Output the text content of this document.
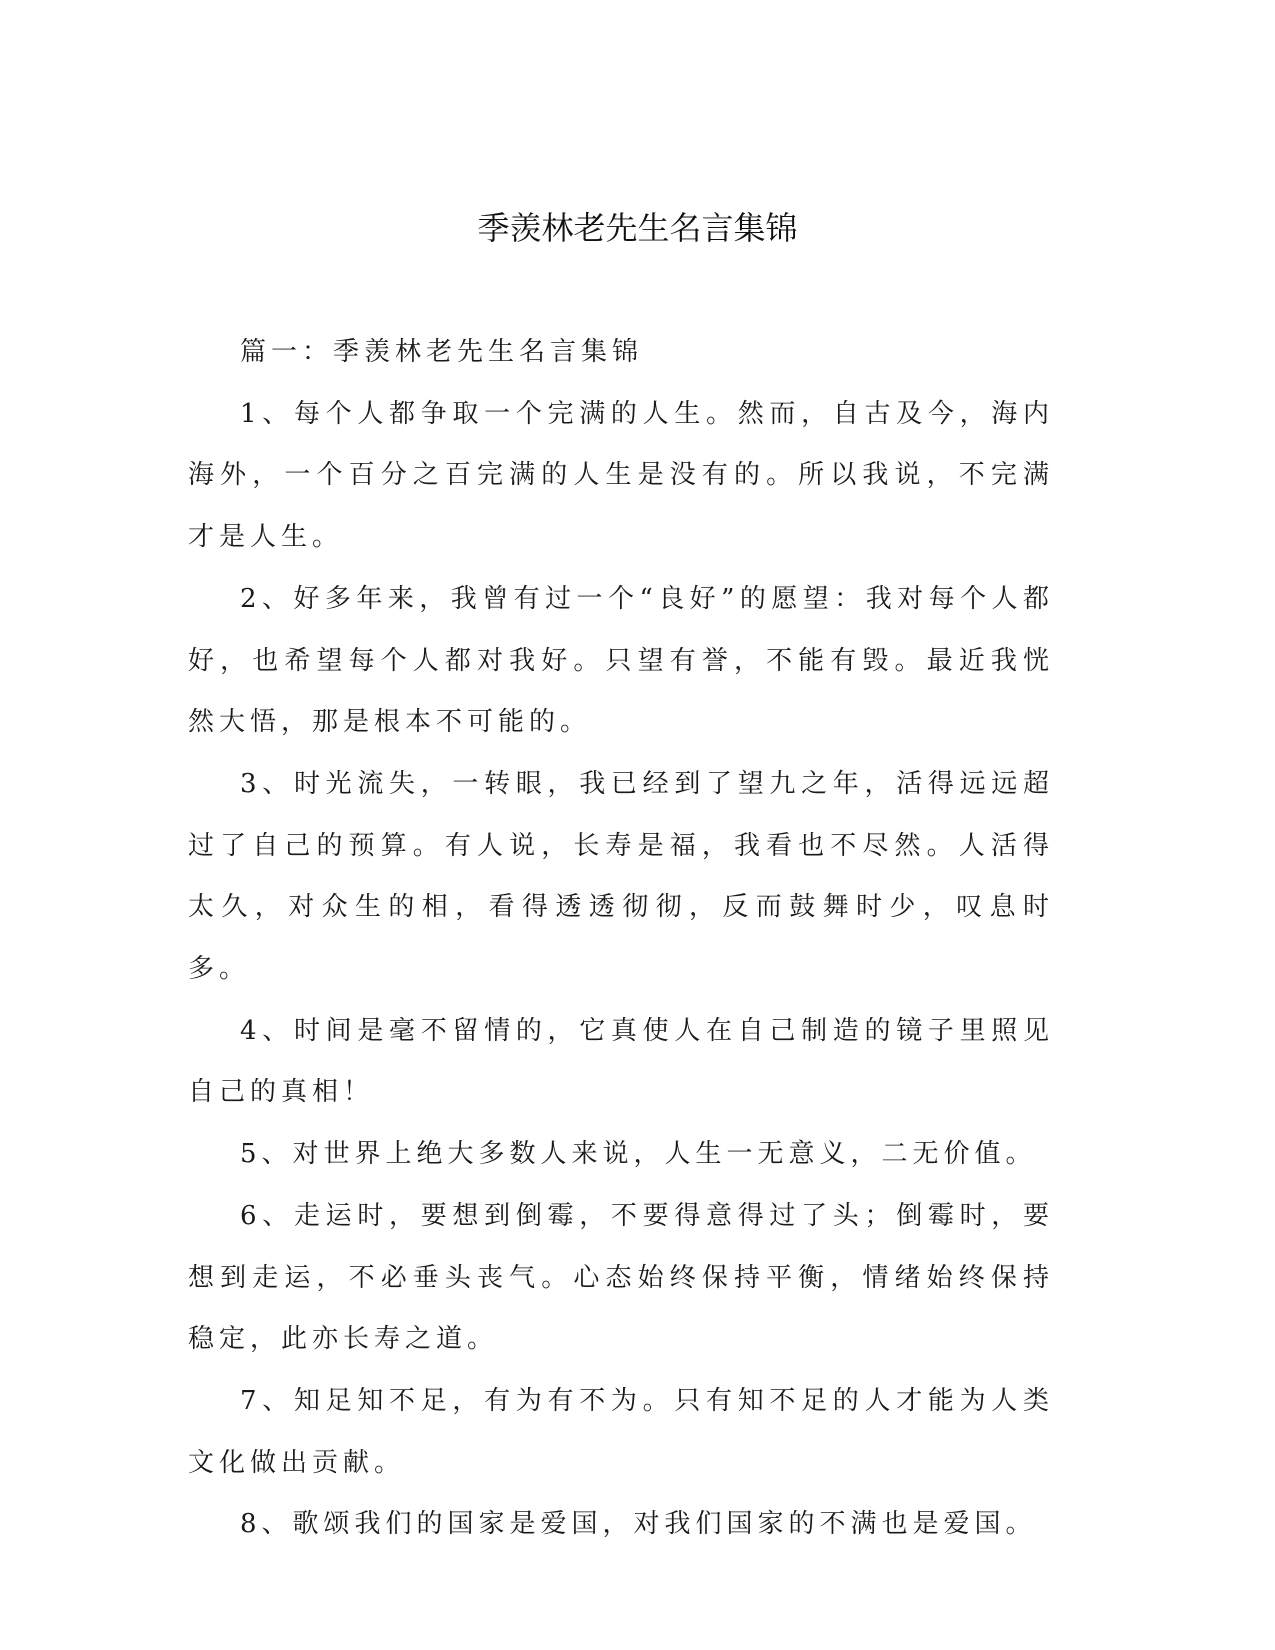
季羡林老先生名言集锦

篇一：季羡林老先生名言集锦

1、每个人都争取一个完满的人生。然而，自古及今，海内海外，一个百分之百完满的人生是没有的。所以我说，不完满才是人生。

2、好多年来，我曾有过一个“良好”的愿望：我对每个人都好，也希望每个人都对我好。只望有誉，不能有毁。最近我恍然大悟，那是根本不可能的。

3、时光流失，一转眼，我已经到了望九之年，活得远远超过了自己的预算。有人说，长寿是福，我看也不尽然。人活得太久，对众生的相，看得透透彻彻，反而鼓舞时少，叹息时多。

4、时间是毫不留情的，它真使人在自己制造的镜子里照见自己的真相！

5、对世界上绝大多数人来说，人生一无意义，二无价值。

6、走运时，要想到倒霉，不要得意得过了头；倒霉时，要想到走运，不必垂头丧气。心态始终保持平衡，情绪始终保持稳定，此亦长寿之道。

7、知足知不足，有为有不为。只有知不足的人才能为人类文化做出贡献。

8、歌颂我们的国家是爱国，对我们国家的不满也是爱国。
